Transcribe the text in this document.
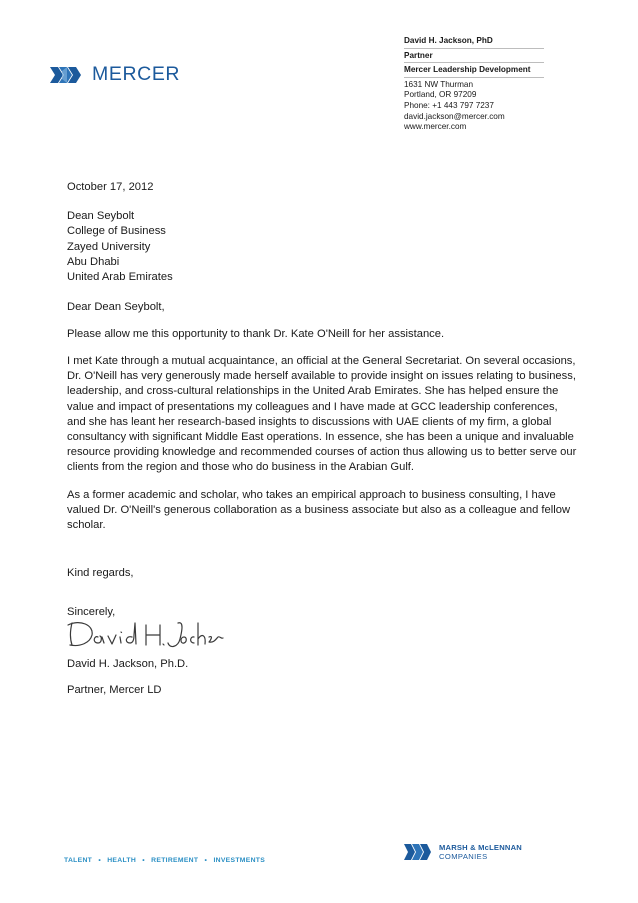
MERCER
David H. Jackson, PhD
Partner
Mercer Leadership Development
1631 NW Thurman
Portland, OR 97209
Phone: +1 443 797 7237
david.jackson@mercer.com
www.mercer.com
October 17, 2012
Dean Seybolt
College of Business
Zayed University
Abu Dhabi
United Arab Emirates
Dear Dean Seybolt,
Please allow me this opportunity to thank Dr. Kate O'Neill for her assistance.
I met Kate through a mutual acquaintance, an official at the General Secretariat. On several occasions, Dr. O'Neill has very generously made herself available to provide insight on issues relating to business, leadership, and cross-cultural relationships in the United Arab Emirates. She has helped ensure the value and impact of presentations my colleagues and I have made at GCC leadership conferences, and she has leant her research-based insights to discussions with UAE clients of my firm, a global consultancy with significant Middle East operations. In essence, she has been a unique and invaluable resource providing knowledge and recommended courses of action thus allowing us to better serve our clients from the region and those who do business in the Arabian Gulf.
As a former academic and scholar, who takes an empirical approach to business consulting, I have valued Dr. O'Neill's generous collaboration as a business associate but also as a colleague and fellow scholar.
Kind regards,
Sincerely,
David H. Jackson, Ph.D.
Partner, Mercer LD
TALENT • HEALTH • RETIREMENT • INVESTMENTS
MARSH & McLENNAN
COMPANIES
